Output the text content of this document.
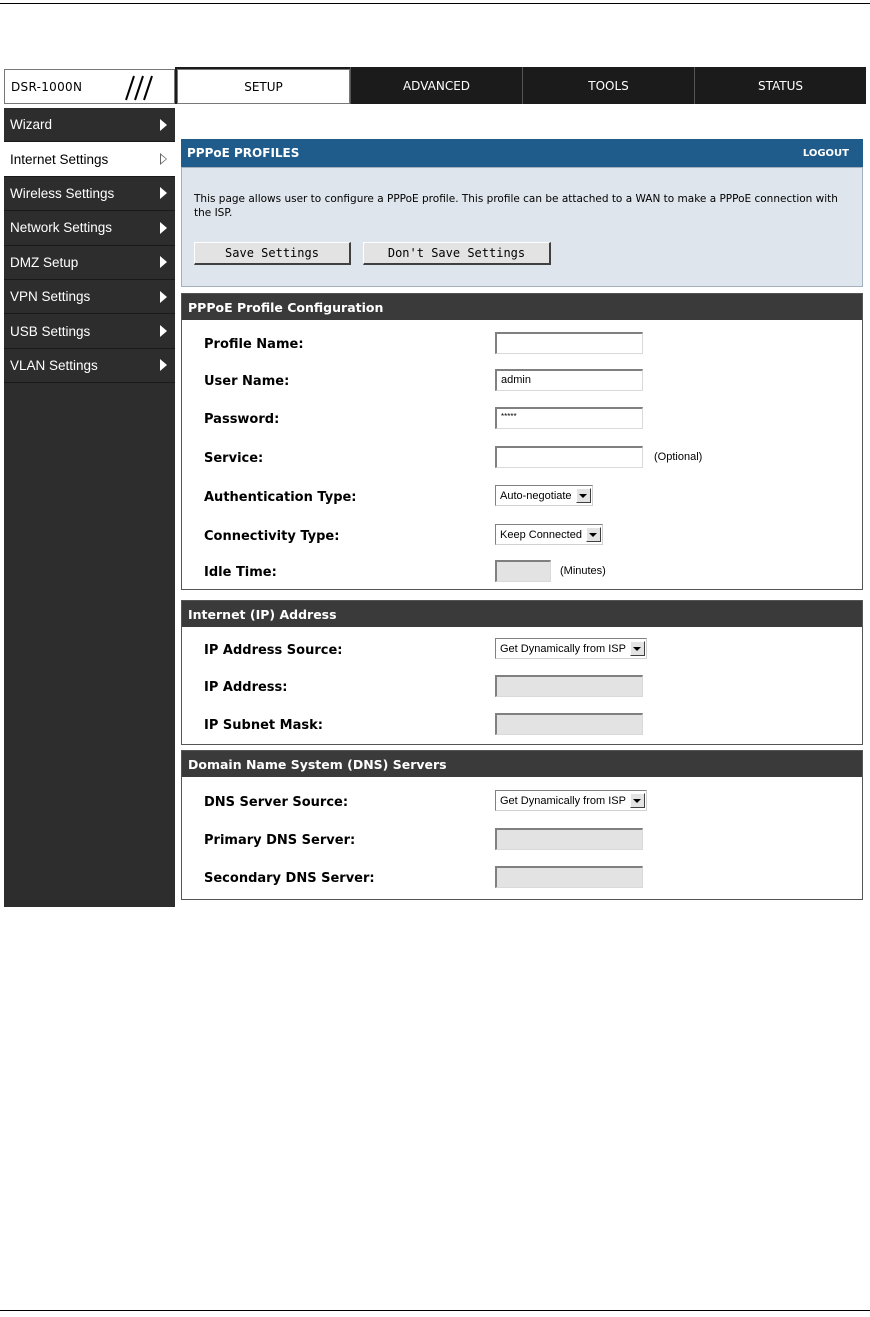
DSR-1000N	SETUP	ADVANCED	TOOLS	STATUS
Wizard
Internet Settings
Wireless Settings
Network Settings
DMZ Setup
VPN Settings
USB Settings
VLAN Settings
PPPoE PROFILES	LOGOUT
This page allows user to configure a PPPoE profile. This profile can be attached to a WAN to make a PPPoE connection with the ISP.
Save Settings	Don't Save Settings
PPPoE Profile Configuration
Profile Name:
User Name:	admin
Password:	*****
Service:	(Optional)
Authentication Type:	Auto-negotiate
Connectivity Type:	Keep Connected
Idle Time:	(Minutes)
Internet (IP) Address
IP Address Source:	Get Dynamically from ISP
IP Address:
IP Subnet Mask:
Domain Name System (DNS) Servers
DNS Server Source:	Get Dynamically from ISP
Primary DNS Server:
Secondary DNS Server:
